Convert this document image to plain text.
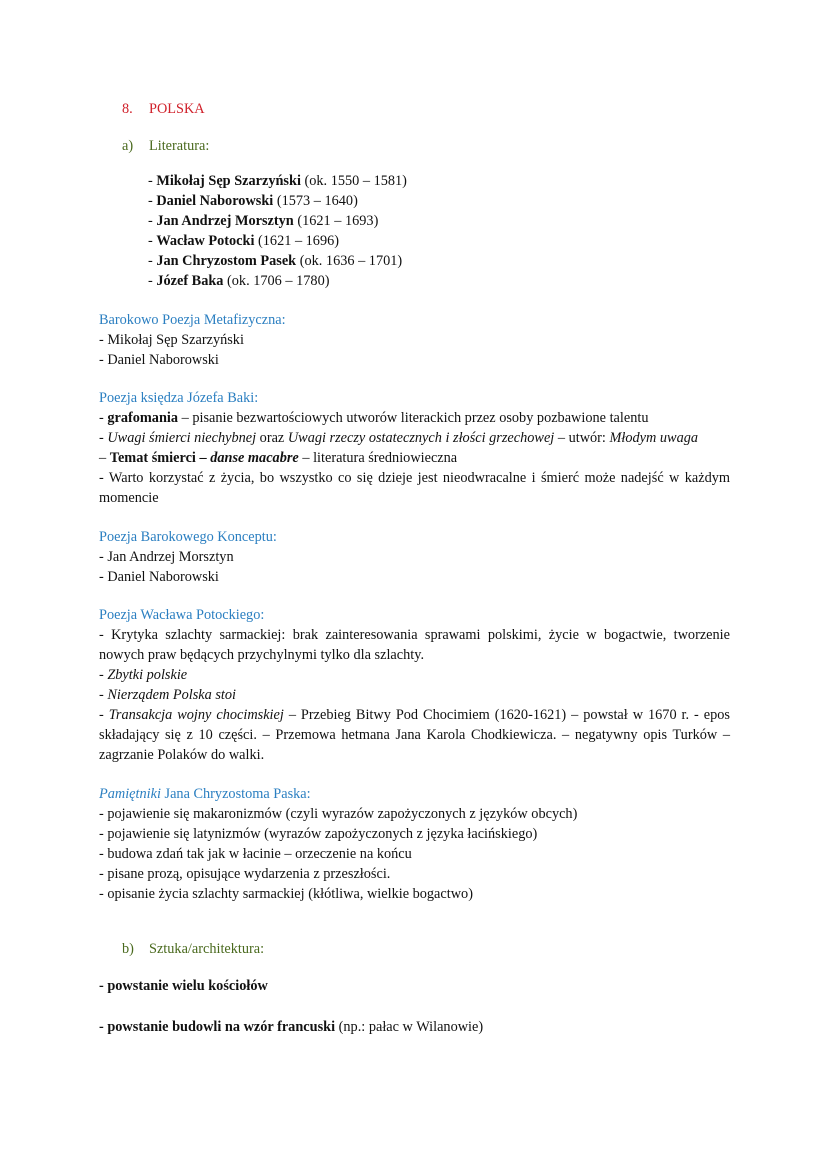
8. POLSKA
a) Literatura:
- Mikołaj Sęp Szarzyński (ok. 1550 – 1581)
- Daniel Naborowski (1573 – 1640)
- Jan Andrzej Morsztyn (1621 – 1693)
- Wacław Potocki (1621 – 1696)
- Jan Chryzostom Pasek (ok. 1636 – 1701)
- Józef Baka (ok. 1706 – 1780)
Barokowo Poezja Metafizyczna:
- Mikołaj Sęp Szarzyński
- Daniel Naborowski
Poezja księdza Józefa Baki:
- grafomania – pisanie bezwartościowych utworów literackich przez osoby pozbawione talentu
- Uwagi śmierci niechybnej oraz Uwagi rzeczy ostatecznych i złości grzechowej – utwór: Młodym uwaga
– Temat śmierci – danse macabre – literatura średniowieczna
- Warto korzystać z życia, bo wszystko co się dzieje jest nieodwracalne i śmierć może nadejść w każdym momencie
Poezja Barokowego Konceptu:
- Jan Andrzej Morsztyn
- Daniel Naborowski
Poezja Wacława Potockiego:
- Krytyka szlachty sarmackiej: brak zainteresowania sprawami polskimi, życie w bogactwie, tworzenie nowych praw będących przychylnymi tylko dla szlachty.
- Zbytki polskie
- Nierządem Polska stoi
- Transakcja wojny chocimskiej – Przebieg Bitwy Pod Chocimiem (1620-1621) – powstał w 1670 r. - epos składający się z 10 części. – Przemowa hetmana Jana Karola Chodkiewicza. – negatywny opis Turków – zagrzanie Polaków do walki.
Pamiętniki Jana Chryzostoma Paska:
- pojawienie się makaronizmów (czyli wyrazów zapożyczonych z języków obcych)
- pojawienie się latynizmów (wyrazów zapożyczonych z języka łacińskiego)
- budowa zdań tak jak w łacinie – orzeczenie na końcu
- pisane prozą, opisujące wydarzenia z przeszłości.
- opisanie życia szlachty sarmackiej (kłótliwa, wielkie bogactwo)
b) Sztuka/architektura:
- powstanie wielu kościołów
- powstanie budowli na wzór francuski (np.: pałac w Wilanowie)
